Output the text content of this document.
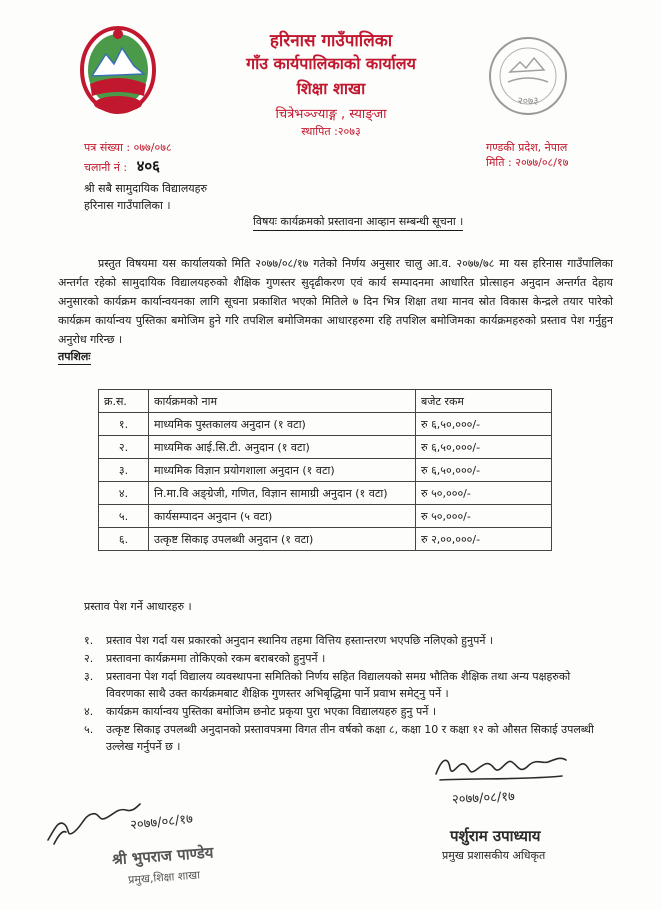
हरिनास गाउँपालिका
गाँउ कार्यपालिकाको कार्यालय
शिक्षा शाखा
चित्रेभञ्ज्याङ्ग , स्याङ्जा
स्थापित :२०७३
२०७३
पत्र संख्या : ०७७/०७८
चलानी नं : ४०६
गण्डकी प्रदेश, नेपाल
मिति : २०७७/०८/१७
श्री सबै सामुदायिक विद्यालयहरु
हरिनास गाउँपालिका ।
विषयः कार्यक्रमको प्रस्तावना आव्हान सम्बन्धी सूचना ।
प्रस्तुत विषयमा यस कार्यालयको मिति २०७७/०८/१७ गतेको निर्णय अनुसार चालु आ.व. २०७७/७८ मा यस हरिनास गाउँपालिका अन्तर्गत रहेको सामुदायिक विद्यालयहरुको शैक्षिक गुणस्तर सुदृढीकरण एवं कार्य सम्पादनमा आधारित प्रोत्साहन अनुदान अन्तर्गत देहाय अनुसारको कार्यक्रम कार्यान्वयनका लागि सूचना प्रकाशित भएको मितिले ७ दिन भित्र शिक्षा तथा मानव स्रोत विकास केन्द्रले तयार पारेको कार्यक्रम कार्यान्वय पुस्तिका बमोजिम हुने गरि तपशिल बमोजिमका आधारहरुमा रहि तपशिल बमोजिमका कार्यक्रमहरुको प्रस्ताव पेश गर्नुहुन अनुरोध गरिन्छ ।
तपशिलः
क्र.स.	कार्यक्रमको नाम	बजेट रकम
१.	माध्यमिक पुस्तकालय अनुदान (१ वटा)	रु ६,५०,०००/-
२.	माध्यमिक आई.सि.टी. अनुदान (१ वटा)	रु ६,५०,०००/-
३.	माध्यमिक विज्ञान प्रयोगशाला अनुदान (१ वटा)	रु ६,५०,०००/-
४.	नि.मा.वि अङ्ग्रेजी, गणित, विज्ञान सामाग्री अनुदान (१ वटा)	रु ५०,०००/-
५.	कार्यसम्पादन अनुदान (५ वटा)	रु ५०,०००/-
६.	उत्कृष्ट सिकाइ उपलब्धी अनुदान (१ वटा)	रु २,००,०००/-
प्रस्ताव पेश गर्ने आधारहरु ।
१.	प्रस्ताव पेश गर्दा यस प्रकारको अनुदान स्थानिय तहमा वित्तिय हस्तान्तरण भएपछि नलिएको हुनुपर्ने ।
२.	प्रस्तावना कार्यक्रममा तोकिएको रकम बराबरको हुनुपर्ने ।
३.	प्रस्तावना पेश गर्दा विद्यालय व्यवस्थापना समितिको निर्णय सहित विद्यालयको समग्र भौतिक शैक्षिक तथा अन्य पक्षहरुको विवरणका साथै उक्त कार्यक्रमबाट शैक्षिक गुणस्तर अभिबृद्धिमा पार्ने प्रवाभ समेट्नु पर्ने ।
४.	कार्यक्रम कार्यान्वय पुस्तिका बमोजिम छनोट प्रकृया पुरा भएका विद्यालयहरु हुनु पर्ने ।
५.	उत्कृष्ट सिकाइ उपलब्धी अनुदानको प्रस्तावपत्रमा विगत तीन वर्षको कक्षा ८, कक्षा 10 र कक्षा १२ को औसत सिकाई उपलब्धी उल्लेख गर्नुपर्ने छ ।
२०७७/०८/१७
पर्शुराम उपाध्याय
प्रमुख प्रशासकीय अधिकृत
२०७७/०८/१७
श्री भुपराज पाण्डेय
प्रमुख,शिक्षा शाखा
